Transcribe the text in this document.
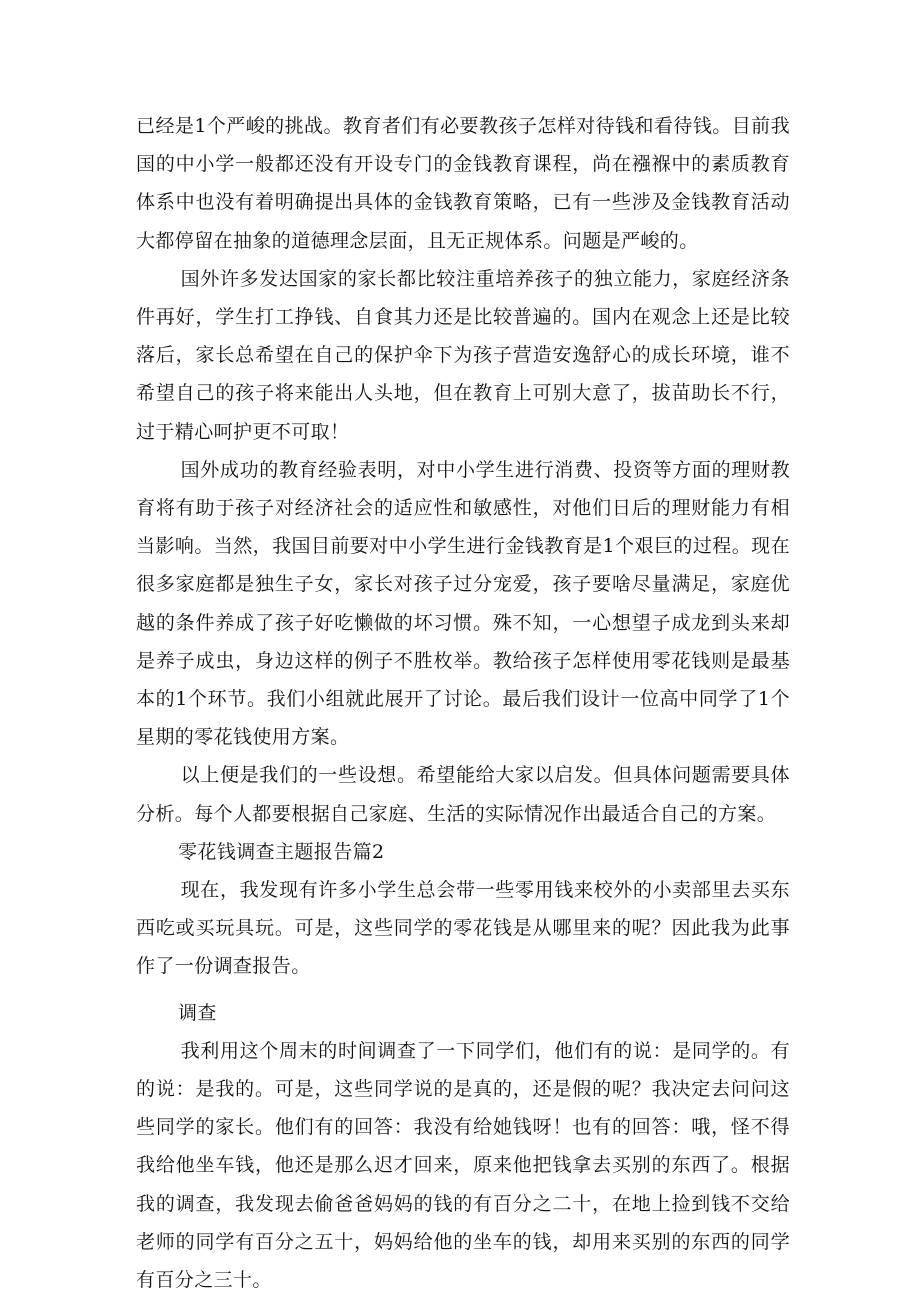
已经是1个严峻的挑战。教育者们有必要教孩子怎样对待钱和看待钱。目前我国的中小学一般都还没有开设专门的金钱教育课程，尚在襁褓中的素质教育体系中也没有着明确提出具体的金钱教育策略，已有一些涉及金钱教育活动大都停留在抽象的道德理念层面，且无正规体系。问题是严峻的。

国外许多发达国家的家长都比较注重培养孩子的独立能力，家庭经济条件再好，学生打工挣钱、自食其力还是比较普遍的。国内在观念上还是比较落后，家长总希望在自己的保护伞下为孩子营造安逸舒心的成长环境，谁不希望自己的孩子将来能出人头地，但在教育上可别大意了，拔苗助长不行，过于精心呵护更不可取！

国外成功的教育经验表明，对中小学生进行消费、投资等方面的理财教育将有助于孩子对经济社会的适应性和敏感性，对他们日后的理财能力有相当影响。当然，我国目前要对中小学生进行金钱教育是1个艰巨的过程。现在很多家庭都是独生子女，家长对孩子过分宠爱，孩子要啥尽量满足，家庭优越的条件养成了孩子好吃懒做的坏习惯。殊不知，一心想望子成龙到头来却是养子成虫，身边这样的例子不胜枚举。教给孩子怎样使用零花钱则是最基本的1个环节。我们小组就此展开了讨论。最后我们设计一位高中同学了1个星期的零花钱使用方案。

以上便是我们的一些设想。希望能给大家以启发。但具体问题需要具体分析。每个人都要根据自己家庭、生活的实际情况作出最适合自己的方案。

零花钱调查主题报告篇2

现在，我发现有许多小学生总会带一些零用钱来校外的小卖部里去买东西吃或买玩具玩。可是，这些同学的零花钱是从哪里来的呢？因此我为此事作了一份调查报告。

调查

我利用这个周末的时间调查了一下同学们，他们有的说：是同学的。有的说：是我的。可是，这些同学说的是真的，还是假的呢？我决定去问问这些同学的家长。他们有的回答：我没有给她钱呀！也有的回答：哦，怪不得我给他坐车钱，他还是那么迟才回来，原来他把钱拿去买别的东西了。根据我的调查，我发现去偷爸爸妈妈的钱的有百分之二十，在地上捡到钱不交给老师的同学有百分之五十，妈妈给他的坐车的钱，却用来买别的东西的同学有百分之三十。
